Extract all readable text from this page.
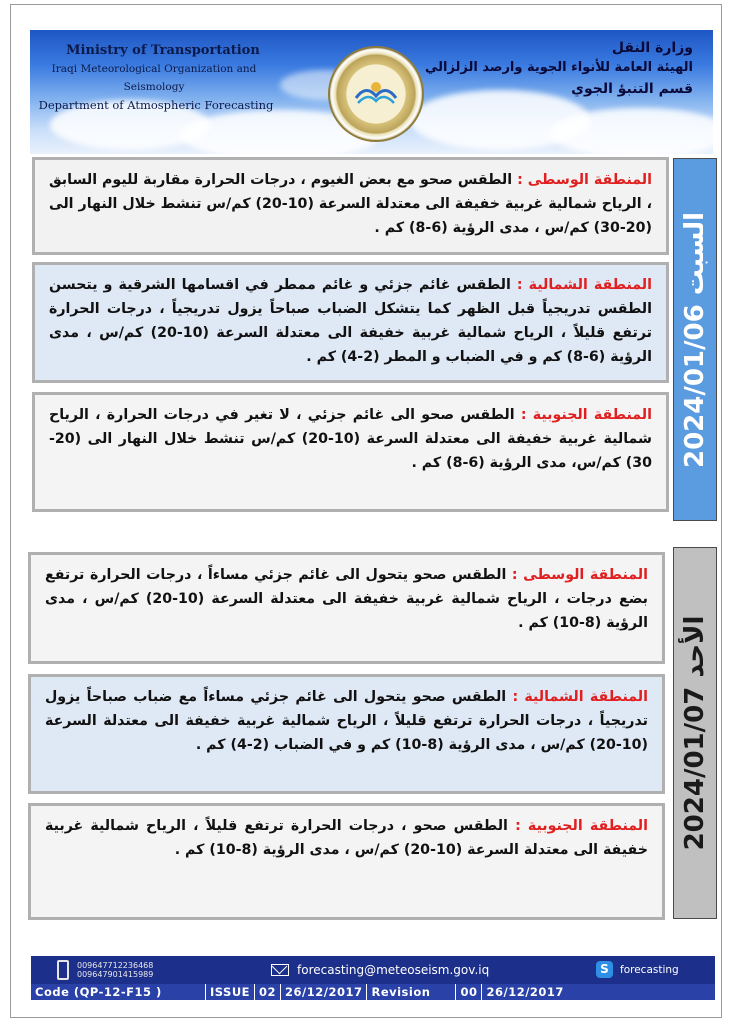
Ministry of Transportation
Iraqi Meteorological Organization and Seismology
Department of Atmospheric Forecasting
وزارة النقل
الهيئة العامة للأنواء الجوية وارصد الزلزالي
قسم التنبؤ الجوي
السبت 2024/01/06
الأحد 2024/01/07
المنطقة الوسطى : الطقس صحو مع بعض الغيوم ، درجات الحرارة مقاربة لليوم السابق ، الرياح شمالية غربية خفيفة الى معتدلة السرعة (10-20) كم/س تنشط خلال النهار الى (20-30) كم/س ، مدى الرؤية (6-8) كم .
المنطقة الشمالية : الطقس غائم جزئي و غائم ممطر في اقسامها الشرقية و يتحسن الطقس تدريجياً قبل الظهر كما يتشكل الضباب صباحاً يزول تدريجياً ، درجات الحرارة ترتفع قليلاً ، الرياح شمالية غربية خفيفة الى معتدلة السرعة (10-20) كم/س ، مدى الرؤية (6-8) كم و في الضباب و المطر (2-4) كم .
المنطقة الجنوبية : الطقس صحو الى غائم جزئي ، لا تغير في درجات الحرارة ، الرياح شمالية غربية خفيفة الى معتدلة السرعة (10-20) كم/س تنشط خلال النهار الى (20-30) كم/س، مدى الرؤية (6-8) كم .
المنطقة الوسطى : الطقس صحو يتحول الى غائم جزئي مساءاً ، درجات الحرارة ترتفع بضع درجات ، الرياح شمالية غربية خفيفة الى معتدلة السرعة (10-20) كم/س ، مدى الرؤية (8-10) كم .
المنطقة الشمالية : الطقس صحو يتحول الى غائم جزئي مساءاً مع ضباب صباحاً يزول تدريجياً ، درجات الحرارة ترتفع قليلاً ، الرياح شمالية غربية خفيفة الى معتدلة السرعة (10-20) كم/س ، مدى الرؤية (8-10) كم و في الضباب (2-4) كم .
المنطقة الجنوبية : الطقس صحو ، درجات الحرارة ترتفع قليلاً ، الرياح شمالية غربية خفيفة الى معتدلة السرعة (10-20) كم/س ، مدى الرؤية (8-10) كم .
009647712236468
009647901415989	forecasting@meteoseism.gov.iq	S	forecasting
Code (QP-12-F15 )	ISSUE 02 26/12/2017 Revision	00 26/12/2017
